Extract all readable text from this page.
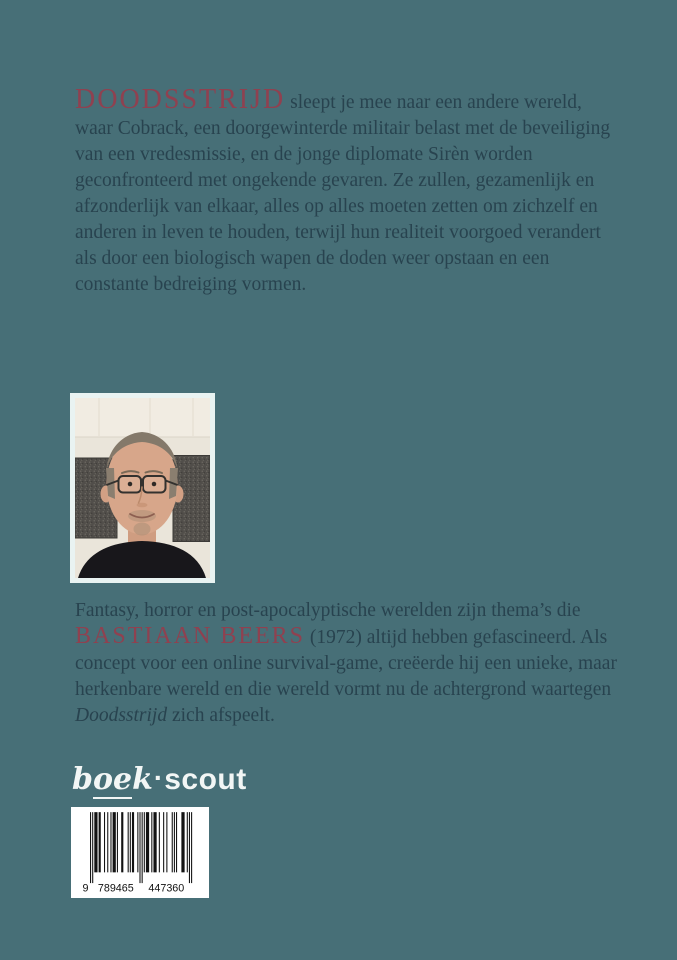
DOODSSTRIJD sleept je mee naar een andere wereld, waar Cobrack, een doorgewinterde militair belast met de beveiliging van een vredesmissie, en de jonge diplomate Sirèn worden geconfronteerd met ongekende gevaren. Ze zullen, gezamenlijk en afzonderlijk van elkaar, alles op alles moeten zetten om zichzelf en anderen in leven te houden, terwijl hun realiteit voorgoed verandert als door een biologisch wapen de doden weer opstaan en een constante bedreiging vormen.

Fantasy, horror en post-apocalyptische werelden zijn thema’s die BASTIAAN BEERS (1972) altijd hebben gefascineerd. Als concept voor een online survival-game, creëerde hij een unieke, maar herkenbare wereld en die wereld vormt nu de achtergrond waartegen Doodsstrijd zich afspeelt.

boek·scout
9 789465 447360
